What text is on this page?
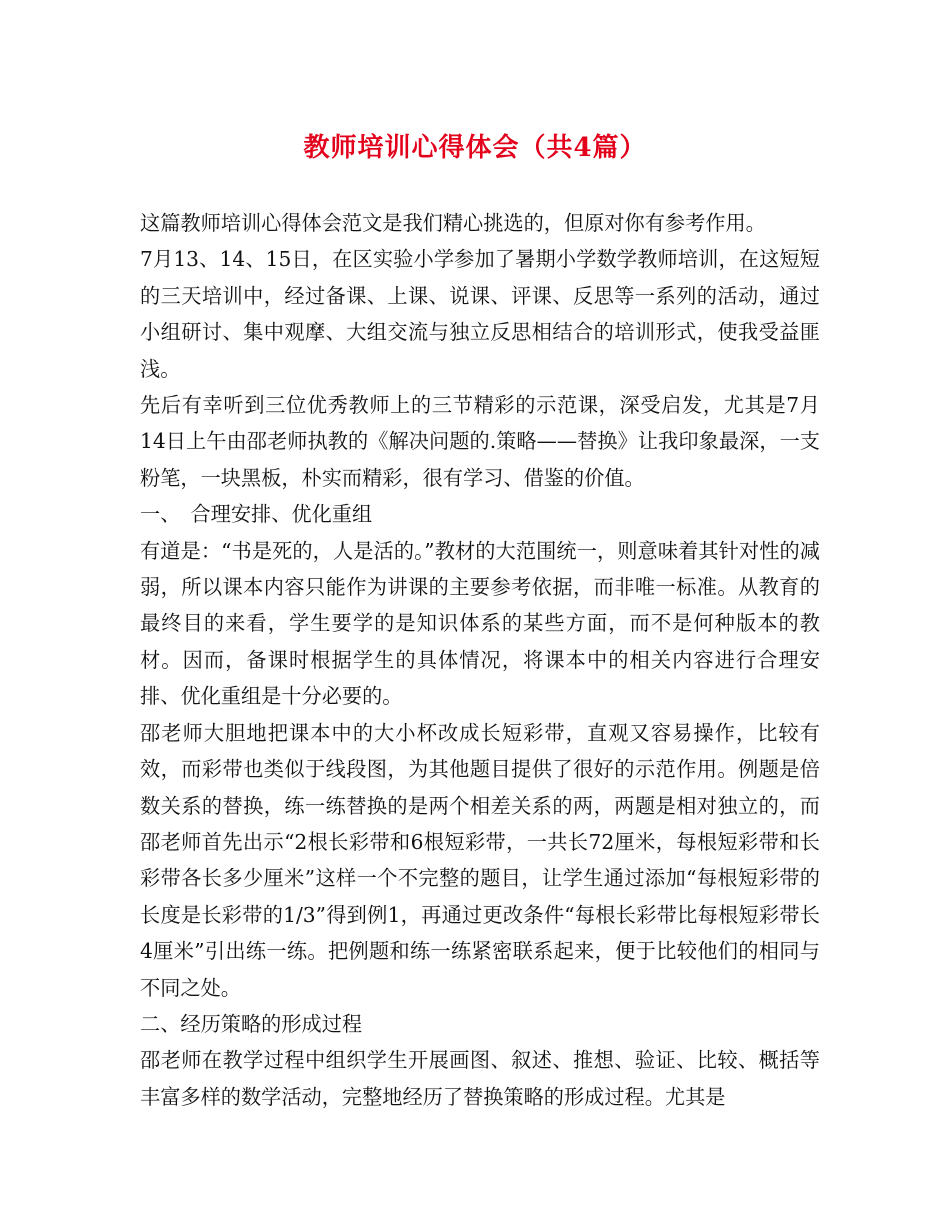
教师培训心得体会（共4篇）

这篇教师培训心得体会范文是我们精心挑选的，但原对你有参考作用。

7月13、14、15日，在区实验小学参加了暑期小学数学教师培训，在这短短的三天培训中，经过备课、上课、说课、评课、反思等一系列的活动，通过小组研讨、集中观摩、大组交流与独立反思相结合的培训形式，使我受益匪浅。

先后有幸听到三位优秀教师上的三节精彩的示范课，深受启发，尤其是7月14日上午由邵老师执教的《解决问题的.策略——替换》让我印象最深，一支粉笔，一块黑板，朴实而精彩，很有学习、借鉴的价值。

一、　合理安排、优化重组

有道是：“书是死的，人是活的。”教材的大范围统一，则意味着其针对性的减弱，所以课本内容只能作为讲课的主要参考依据，而非唯一标准。从教育的最终目的来看，学生要学的是知识体系的某些方面，而不是何种版本的教材。因而，备课时根据学生的具体情况，将课本中的相关内容进行合理安排、优化重组是十分必要的。

邵老师大胆地把课本中的大小杯改成长短彩带，直观又容易操作，比较有效，而彩带也类似于线段图，为其他题目提供了很好的示范作用。例题是倍数关系的替换，练一练替换的是两个相差关系的两，两题是相对独立的，而邵老师首先出示“2根长彩带和6根短彩带，一共长72厘米，每根短彩带和长彩带各长多少厘米”这样一个不完整的题目，让学生通过添加“每根短彩带的长度是长彩带的1/3”得到例1，再通过更改条件“每根长彩带比每根短彩带长4厘米”引出练一练。把例题和练一练紧密联系起来，便于比较他们的相同与不同之处。

二、经历策略的形成过程

邵老师在教学过程中组织学生开展画图、叙述、推想、验证、比较、概括等丰富多样的数学活动，完整地经历了替换策略的形成过程。尤其是
